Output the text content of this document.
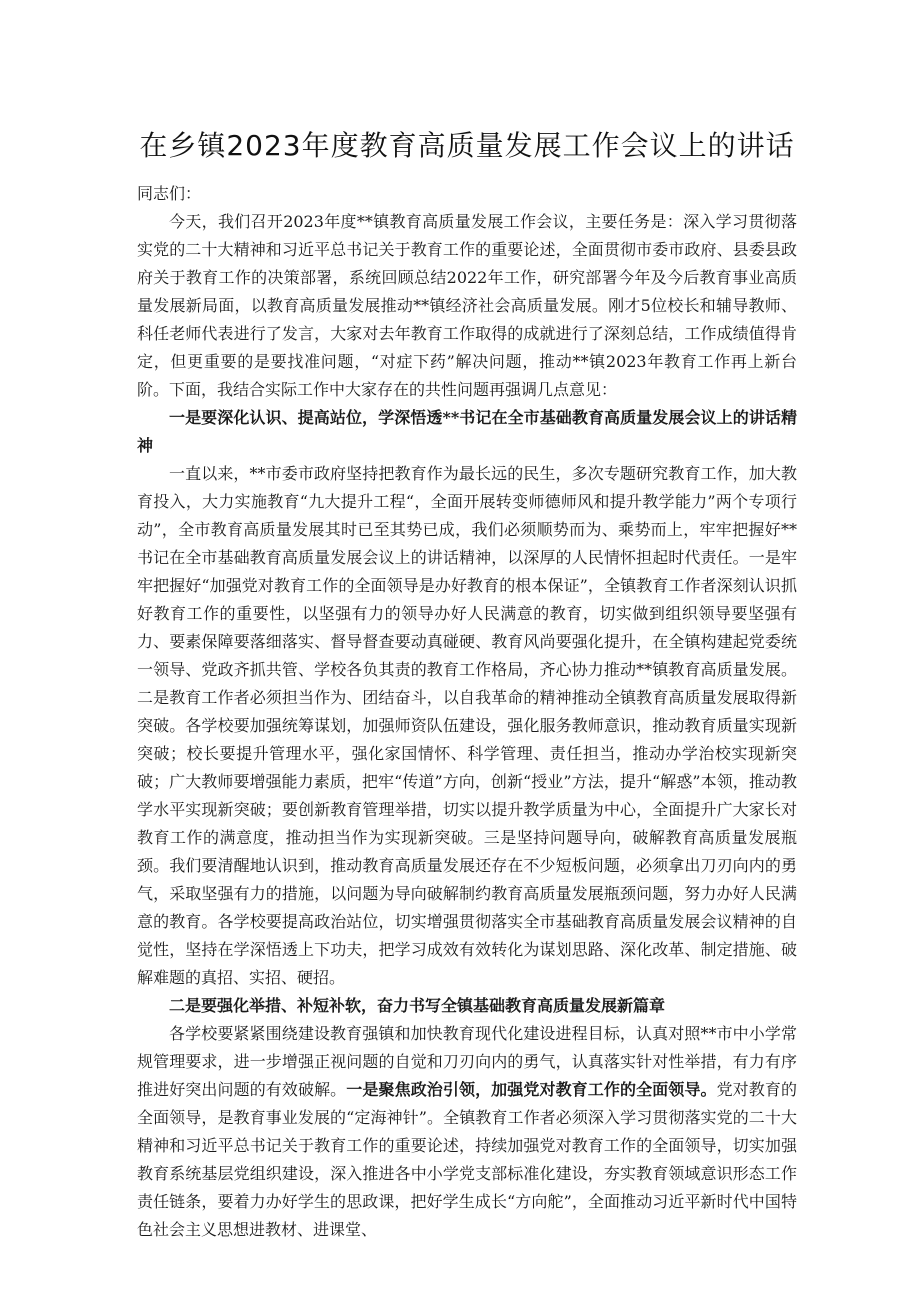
在乡镇2023年度教育高质量发展工作会议上的讲话

同志们：

今天，我们召开2023年度**镇教育高质量发展工作会议，主要任务是：深入学习贯彻落实党的二十大精神和习近平总书记关于教育工作的重要论述，全面贯彻市委市政府、县委县政府关于教育工作的决策部署，系统回顾总结2022年工作，研究部署今年及今后教育事业高质量发展新局面，以教育高质量发展推动**镇经济社会高质量发展。刚才5位校长和辅导教师、科任老师代表进行了发言，大家对去年教育工作取得的成就进行了深刻总结，工作成绩值得肯定，但更重要的是要找准问题，“对症下药”解决问题，推动**镇2023年教育工作再上新台阶。下面，我结合实际工作中大家存在的共性问题再强调几点意见：

一是要深化认识、提高站位，学深悟透**书记在全市基础教育高质量发展会议上的讲话精神

一直以来，**市委市政府坚持把教育作为最长远的民生，多次专题研究教育工作，加大教育投入，大力实施教育“九大提升工程“，全面开展转变师德师风和提升教学能力”两个专项行动”，全市教育高质量发展其时已至其势已成，我们必须顺势而为、乘势而上，牢牢把握好**书记在全市基础教育高质量发展会议上的讲话精神，以深厚的人民情怀担起时代责任。一是牢牢把握好“加强党对教育工作的全面领导是办好教育的根本保证”，全镇教育工作者深刻认识抓好教育工作的重要性，以坚强有力的领导办好人民满意的教育，切实做到组织领导要坚强有力、要素保障要落细落实、督导督查要动真碰硬、教育风尚要强化提升，在全镇构建起党委统一领导、党政齐抓共管、学校各负其责的教育工作格局，齐心协力推动**镇教育高质量发展。二是教育工作者必须担当作为、团结奋斗，以自我革命的精神推动全镇教育高质量发展取得新突破。各学校要加强统筹谋划，加强师资队伍建设，强化服务教师意识，推动教育质量实现新突破；校长要提升管理水平，强化家国情怀、科学管理、责任担当，推动办学治校实现新突破；广大教师要增强能力素质，把牢“传道”方向，创新“授业”方法，提升“解惑”本领，推动教学水平实现新突破；要创新教育管理举措，切实以提升教学质量为中心，全面提升广大家长对教育工作的满意度，推动担当作为实现新突破。三是坚持问题导向，破解教育高质量发展瓶颈。我们要清醒地认识到，推动教育高质量发展还存在不少短板问题，必须拿出刀刃向内的勇气，采取坚强有力的措施，以问题为导向破解制约教育高质量发展瓶颈问题，努力办好人民满意的教育。各学校要提高政治站位，切实增强贯彻落实全市基础教育高质量发展会议精神的自觉性，坚持在学深悟透上下功夫，把学习成效有效转化为谋划思路、深化改革、制定措施、破解难题的真招、实招、硬招。

二是要强化举措、补短补软，奋力书写全镇基础教育高质量发展新篇章

各学校要紧紧围绕建设教育强镇和加快教育现代化建设进程目标，认真对照**市中小学常规管理要求，进一步增强正视问题的自觉和刀刃向内的勇气，认真落实针对性举措，有力有序推进好突出问题的有效破解。一是聚焦政治引领，加强党对教育工作的全面领导。党对教育的全面领导，是教育事业发展的“定海神针”。全镇教育工作者必须深入学习贯彻落实党的二十大精神和习近平总书记关于教育工作的重要论述，持续加强党对教育工作的全面领导，切实加强教育系统基层党组织建设，深入推进各中小学党支部标准化建设，夯实教育领域意识形态工作责任链条，要着力办好学生的思政课，把好学生成长“方向舵”，全面推动习近平新时代中国特色社会主义思想进教材、进课堂、
